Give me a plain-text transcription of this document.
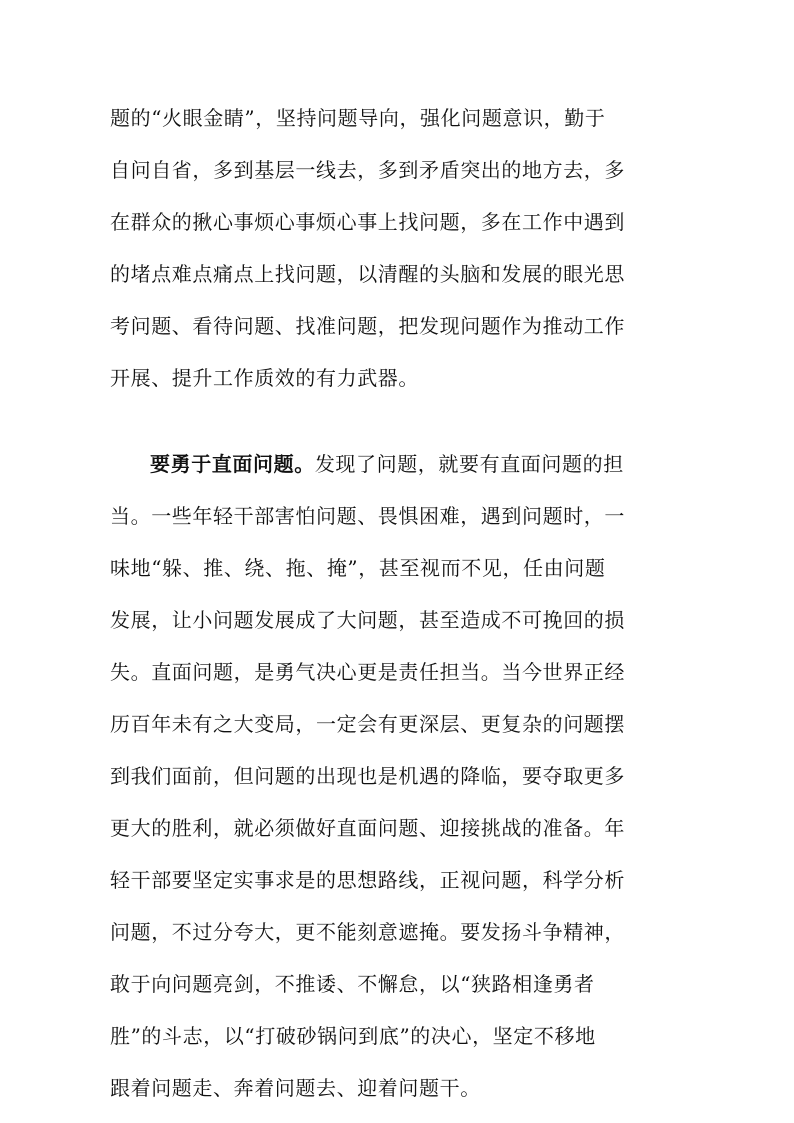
题的“火眼金睛”，坚持问题导向，强化问题意识，勤于
自问自省，多到基层一线去，多到矛盾突出的地方去，多
在群众的揪心事烦心事烦心事上找问题，多在工作中遇到
的堵点难点痛点上找问题，以清醒的头脑和发展的眼光思
考问题、看待问题、找准问题，把发现问题作为推动工作
开展、提升工作质效的有力武器。
要勇于直面问题。发现了问题，就要有直面问题的担
当。一些年轻干部害怕问题、畏惧困难，遇到问题时，一
味地“躲、推、绕、拖、掩”，甚至视而不见，任由问题
发展，让小问题发展成了大问题，甚至造成不可挽回的损
失。直面问题，是勇气决心更是责任担当。当今世界正经
历百年未有之大变局，一定会有更深层、更复杂的问题摆
到我们面前，但问题的出现也是机遇的降临，要夺取更多
更大的胜利，就必须做好直面问题、迎接挑战的准备。年
轻干部要坚定实事求是的思想路线，正视问题，科学分析
问题，不过分夸大，更不能刻意遮掩。要发扬斗争精神，
敢于向问题亮剑，不推诿、不懈怠，以“狭路相逢勇者
胜”的斗志，以“打破砂锅问到底”的决心，坚定不移地
跟着问题走、奔着问题去、迎着问题干。
